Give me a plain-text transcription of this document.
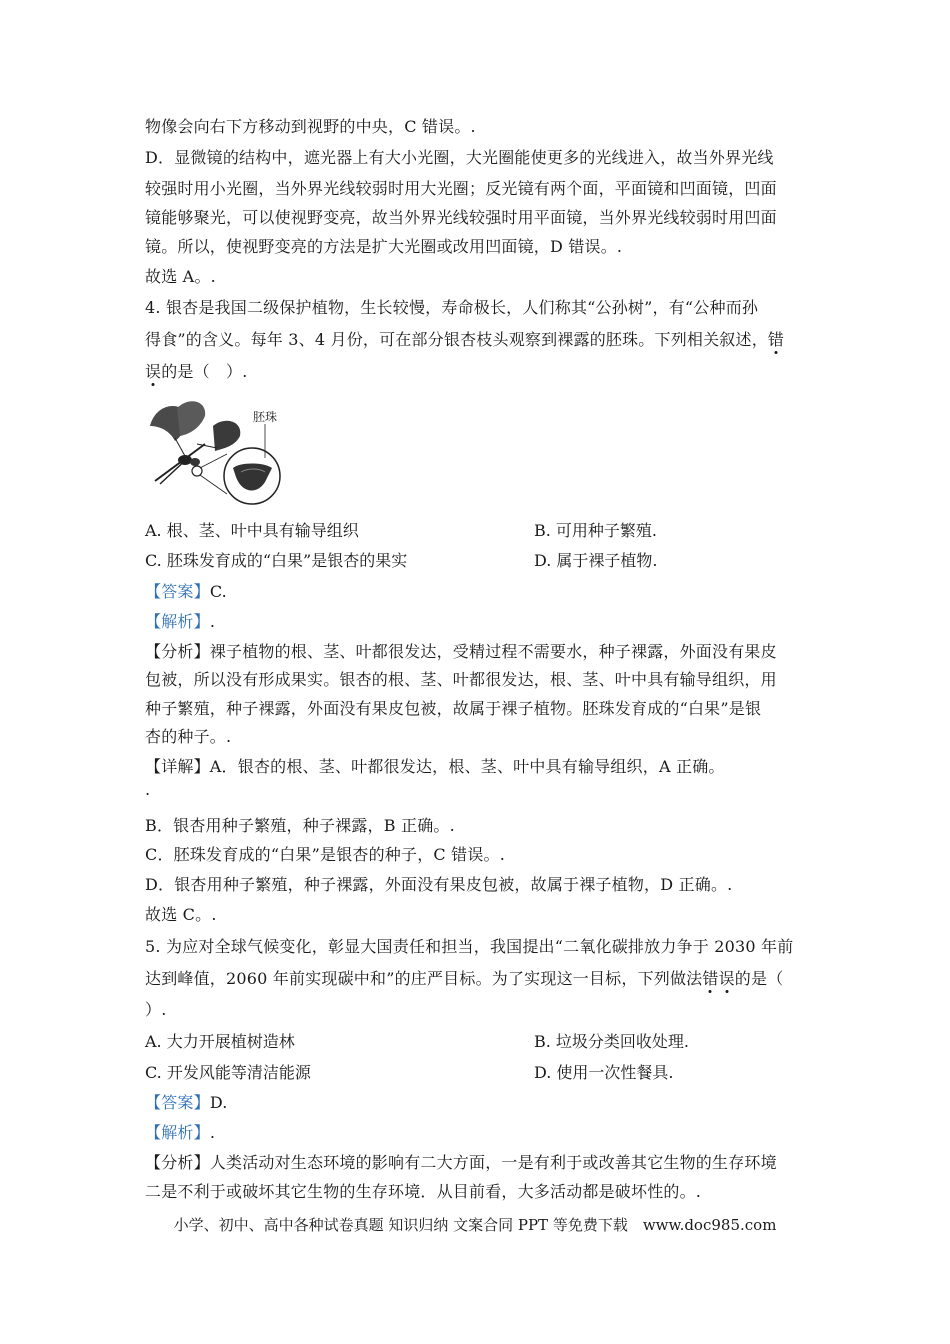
物像会向右下方移动到视野的中央，C 错误。.
D．显微镜的结构中，遮光器上有大小光圈，大光圈能使更多的光线进入，故当外界光线
较强时用小光圈，当外界光线较弱时用大光圈；反光镜有两个面，平面镜和凹面镜，凹面
镜能够聚光，可以使视野变亮，故当外界光线较强时用平面镜，当外界光线较弱时用凹面
镜。所以，使视野变亮的方法是扩大光圈或改用凹面镜，D 错误。.
故选 A。.
4. 银杏是我国二级保护植物，生长较慢，寿命极长，人们称其“公孙树”，有“公种而孙
得食”的含义。每年 3、4 月份，可在部分银杏枝头观察到裸露的胚珠。下列相关叙述，错
误的是（　）.
胚珠
A. 根、茎、叶中具有输导组织	B. 可用种子繁殖.
C. 胚珠发育成的“白果”是银杏的果实	D. 属于裸子植物.
【答案】C.
【解析】.
【分析】裸子植物的根、茎、叶都很发达，受精过程不需要水，种子裸露，外面没有果皮
包被，所以没有形成果实。银杏的根、茎、叶都很发达，根、茎、叶中具有输导组织，用
种子繁殖，种子裸露，外面没有果皮包被，故属于裸子植物。胚珠发育成的“白果”是银
杏的种子。.
【详解】A．银杏的根、茎、叶都很发达，根、茎、叶中具有输导组织，A 正确。
.
B．银杏用种子繁殖，种子裸露，B 正确。.
C．胚珠发育成的“白果”是银杏的种子，C 错误。.
D．银杏用种子繁殖，种子裸露，外面没有果皮包被，故属于裸子植物，D 正确。.
故选 C。.
5. 为应对全球气候变化，彰显大国责任和担当，我国提出“二氧化碳排放力争于 2030 年前
达到峰值，2060 年前实现碳中和”的庄严目标。为了实现这一目标，下列做法错误的是（
）.
A. 大力开展植树造林	B. 垃圾分类回收处理.
C. 开发风能等清洁能源	D. 使用一次性餐具.
【答案】D.
【解析】.
【分析】人类活动对生态环境的影响有二大方面，一是有利于或改善其它生物的生存环境
二是不利于或破坏其它生物的生存环境．从目前看，大多活动都是破坏性的。.
小学、初中、高中各种试卷真题 知识归纳 文案合同 PPT 等免费下载　www.doc985.com
